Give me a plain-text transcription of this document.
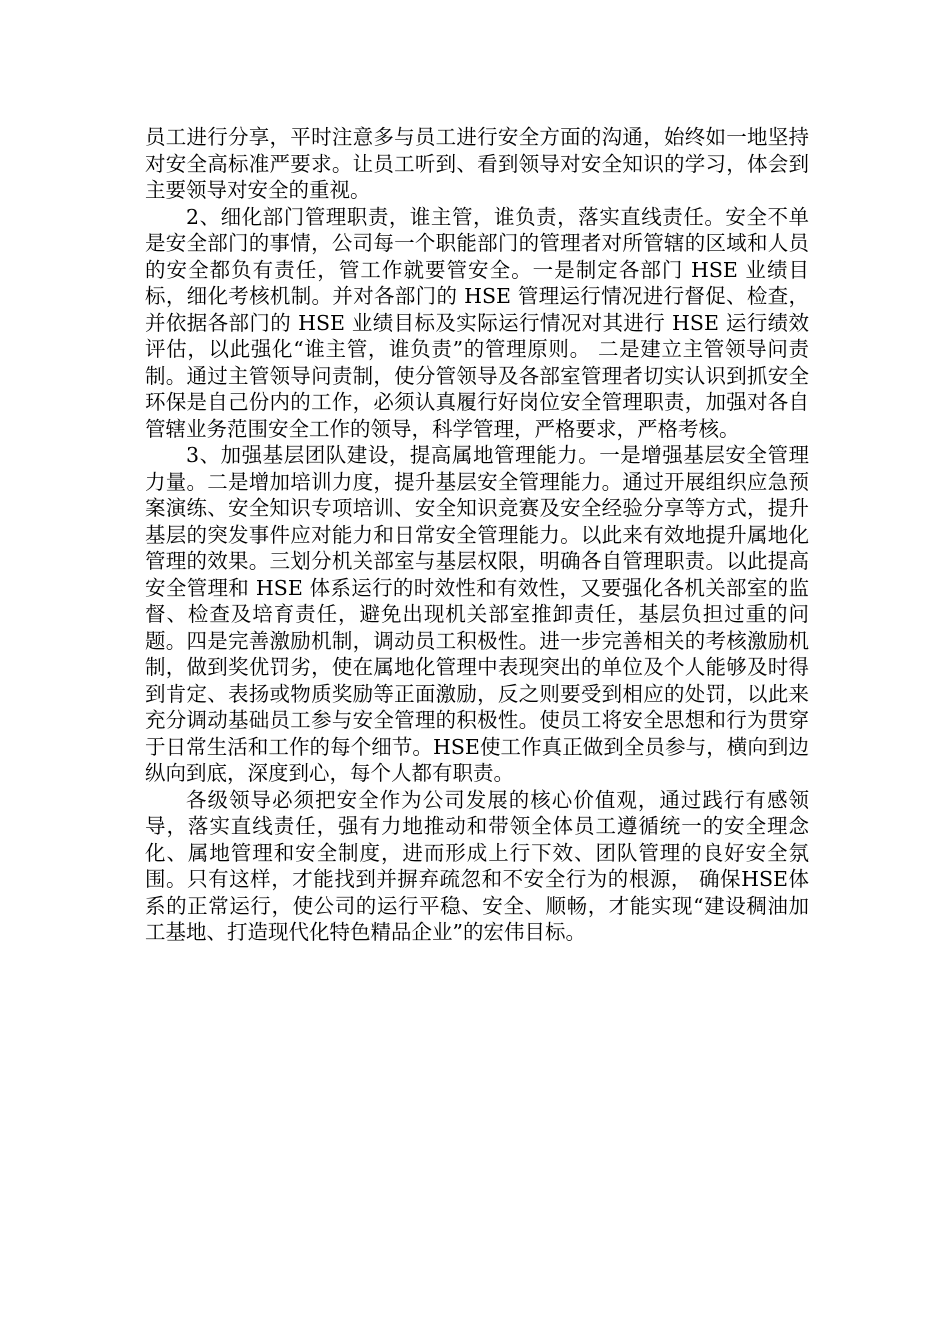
员工进行分享，平时注意多与员工进行安全方面的沟通，始终如一地坚持对安全高标准严要求。让员工听到、看到领导对安全知识的学习，体会到主要领导对安全的重视。

2、细化部门管理职责，谁主管，谁负责，落实直线责任。安全不单是安全部门的事情，公司每一个职能部门的管理者对所管辖的区域和人员的安全都负有责任，管工作就要管安全。一是制定各部门 HSE 业绩目标，细化考核机制。并对各部门的 HSE 管理运行情况进行督促、检查，并依据各部门的 HSE 业绩目标及实际运行情况对其进行 HSE 运行绩效评估，以此强化“谁主管，谁负责”的管理原则。 二是建立主管领导问责制。通过主管领导问责制，使分管领导及各部室管理者切实认识到抓安全环保是自己份内的工作，必须认真履行好岗位安全管理职责，加强对各自管辖业务范围安全工作的领导，科学管理，严格要求，严格考核。

3、加强基层团队建设，提高属地管理能力。一是增强基层安全管理力量。二是增加培训力度，提升基层安全管理能力。通过开展组织应急预案演练、安全知识专项培训、安全知识竞赛及安全经验分享等方式，提升基层的突发事件应对能力和日常安全管理能力。以此来有效地提升属地化管理的效果。三划分机关部室与基层权限，明确各自管理职责。以此提高安全管理和 HSE 体系运行的时效性和有效性，又要强化各机关部室的监督、检查及培育责任，避免出现机关部室推卸责任，基层负担过重的问题。四是完善激励机制，调动员工积极性。进一步完善相关的考核激励机制，做到奖优罚劣，使在属地化管理中表现突出的单位及个人能够及时得到肯定、表扬或物质奖励等正面激励，反之则要受到相应的处罚，以此来充分调动基础员工参与安全管理的积极性。使员工将安全思想和行为贯穿于日常生活和工作的每个细节。HSE使工作真正做到全员参与，横向到边纵向到底，深度到心，每个人都有职责。

各级领导必须把安全作为公司发展的核心价值观，通过践行有感领导，落实直线责任，强有力地推动和带领全体员工遵循统一的安全理念化、属地管理和安全制度，进而形成上行下效、团队管理的良好安全氛围。只有这样，才能找到并摒弃疏忽和不安全行为的根源， 确保HSE体系的正常运行，使公司的运行平稳、安全、顺畅，才能实现“建设稠油加工基地、打造现代化特色精品企业”的宏伟目标。
